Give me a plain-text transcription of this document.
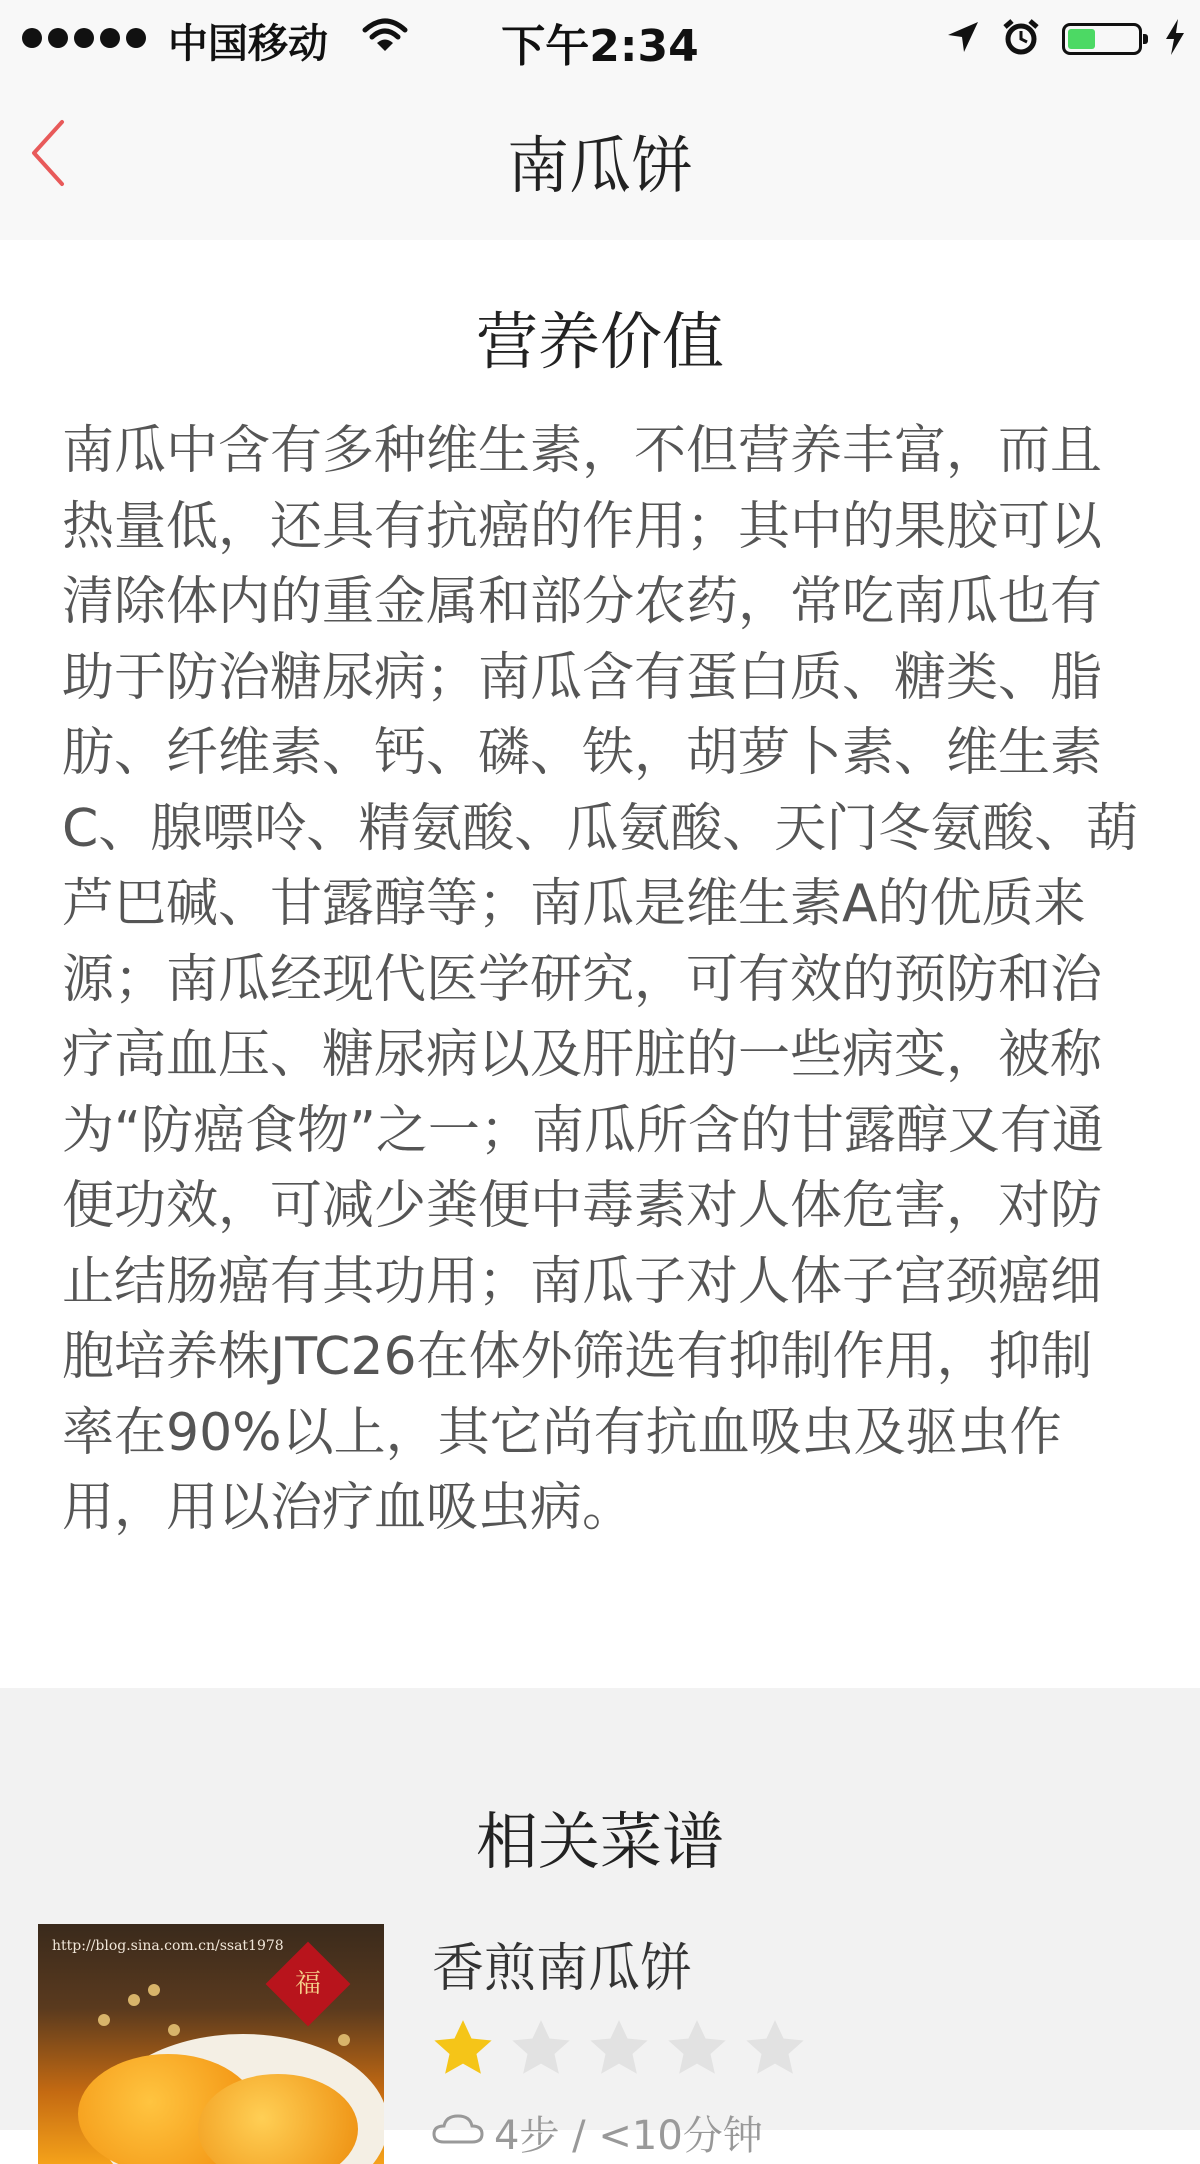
中国移动	下午2:34
南瓜饼
营养价值

南瓜中含有多种维生素，不但营养丰富，而且热量低，还具有抗癌的作用；其中的果胶可以清除体内的重金属和部分农药，常吃南瓜也有助于防治糖尿病；南瓜含有蛋白质、糖类、脂肪、纤维素、钙、磷、铁，胡萝卜素、维生素C、腺嘌呤、精氨酸、瓜氨酸、天门冬氨酸、葫芦巴碱、甘露醇等；南瓜是维生素A的优质来源；南瓜经现代医学研究，可有效的预防和治疗高血压、糖尿病以及肝脏的一些病变，被称为“防癌食物”之一；南瓜所含的甘露醇又有通便功效，可减少粪便中毒素对人体危害，对防止结肠癌有其功用；南瓜子对人体子宫颈癌细胞培养株JTC26在体外筛选有抑制作用，抑制率在90%以上，其它尚有抗血吸虫及驱虫作用，用以治疗血吸虫病。

相关菜谱
http://blog.sina.com.cn/ssat1978
福	香煎南瓜饼
4步 / <10分钟
